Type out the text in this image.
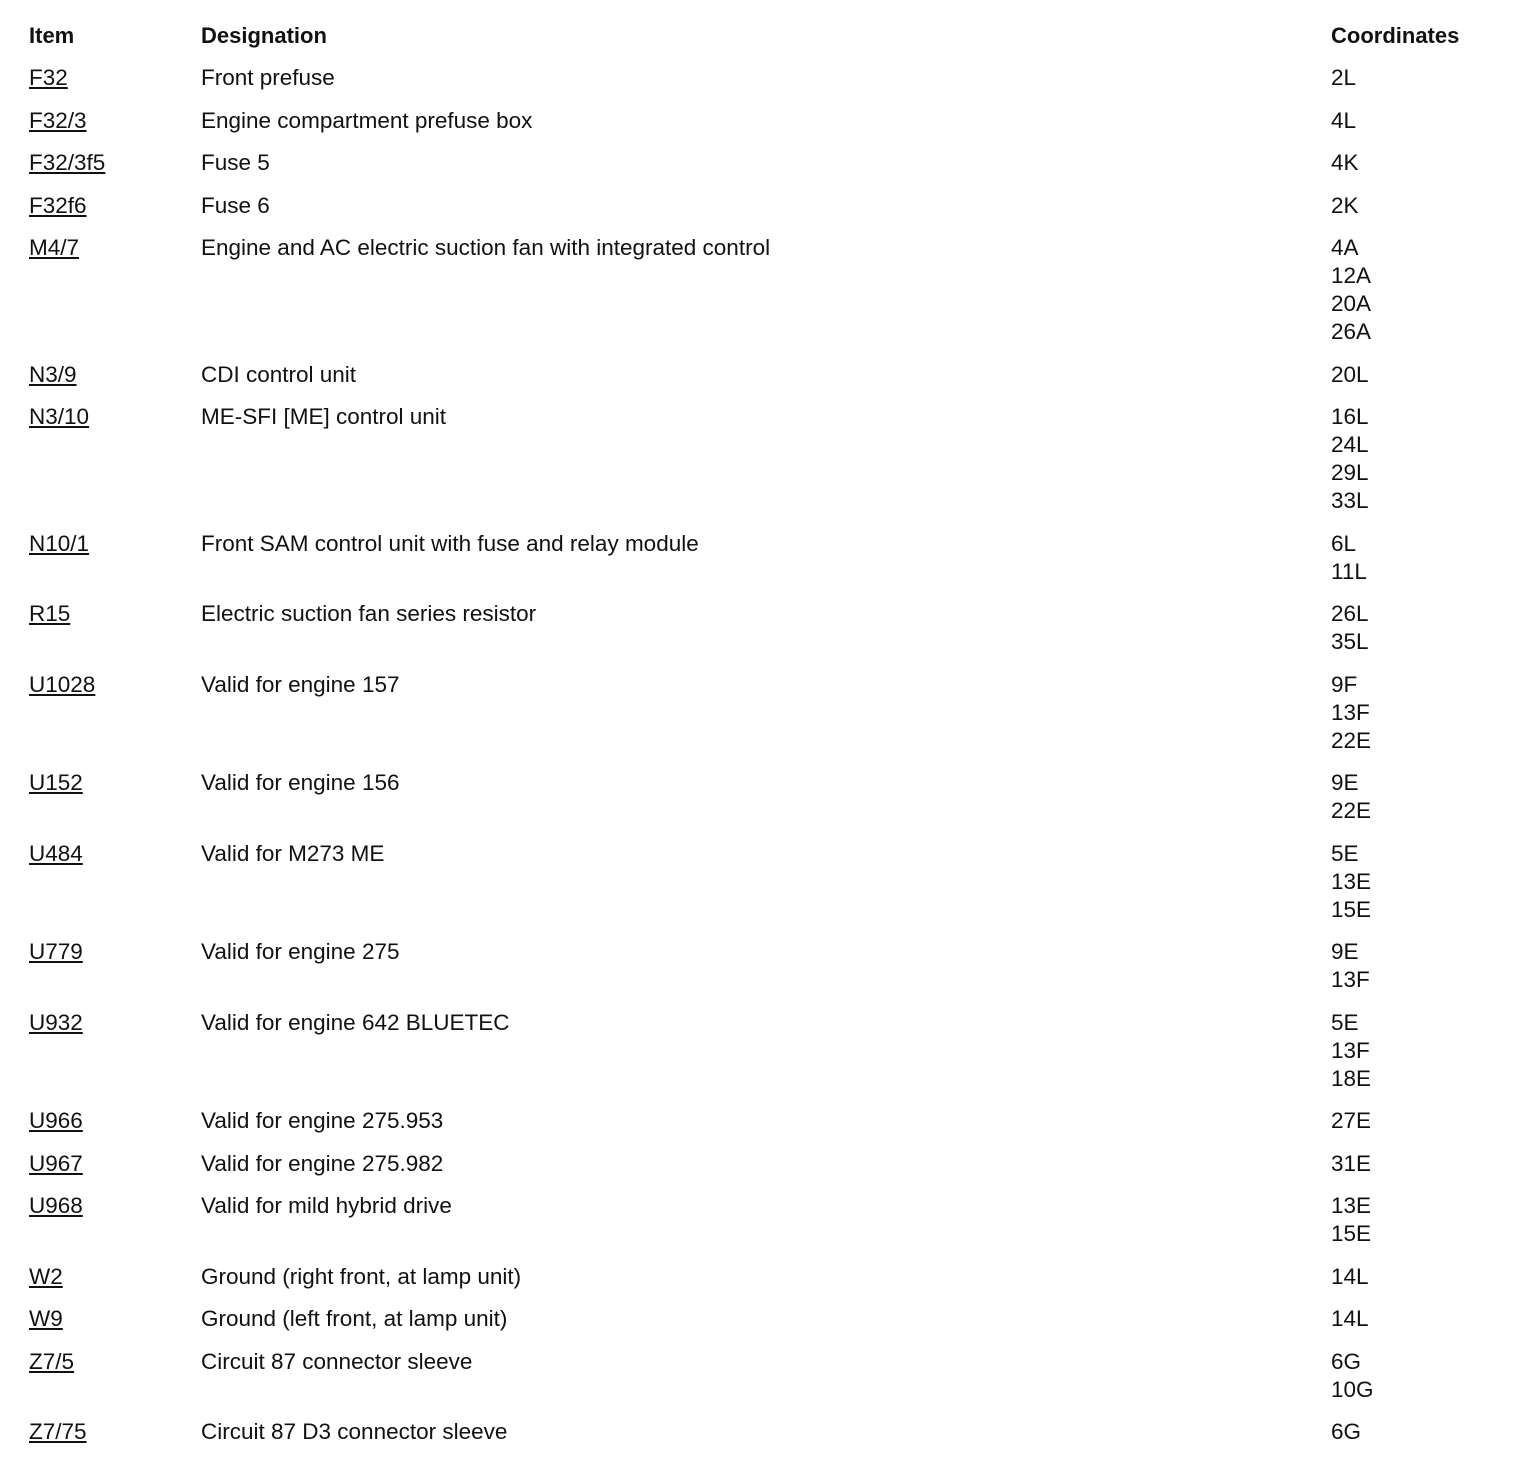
Item	Designation	Coordinates
F32	Front prefuse	2L
F32/3	Engine compartment prefuse box	4L
F32/3f5	Fuse 5	4K
F32f6	Fuse 6	2K
M4/7	Engine and AC electric suction fan with integrated control	4A
12A
20A
26A
N3/9	CDI control unit	20L
N3/10	ME-SFI [ME] control unit	16L
24L
29L
33L
N10/1	Front SAM control unit with fuse and relay module	6L
11L
R15	Electric suction fan series resistor	26L
35L
U1028	Valid for engine 157	9F
13F
22E
U152	Valid for engine 156	9E
22E
U484	Valid for M273 ME	5E
13E
15E
U779	Valid for engine 275	9E
13F
U932	Valid for engine 642 BLUETEC	5E
13F
18E
U966	Valid for engine 275.953	27E
U967	Valid for engine 275.982	31E
U968	Valid for mild hybrid drive	13E
15E
W2	Ground (right front, at lamp unit)	14L
W9	Ground (left front, at lamp unit)	14L
Z7/5	Circuit 87 connector sleeve	6G
10G
Z7/75	Circuit 87 D3 connector sleeve	6G
